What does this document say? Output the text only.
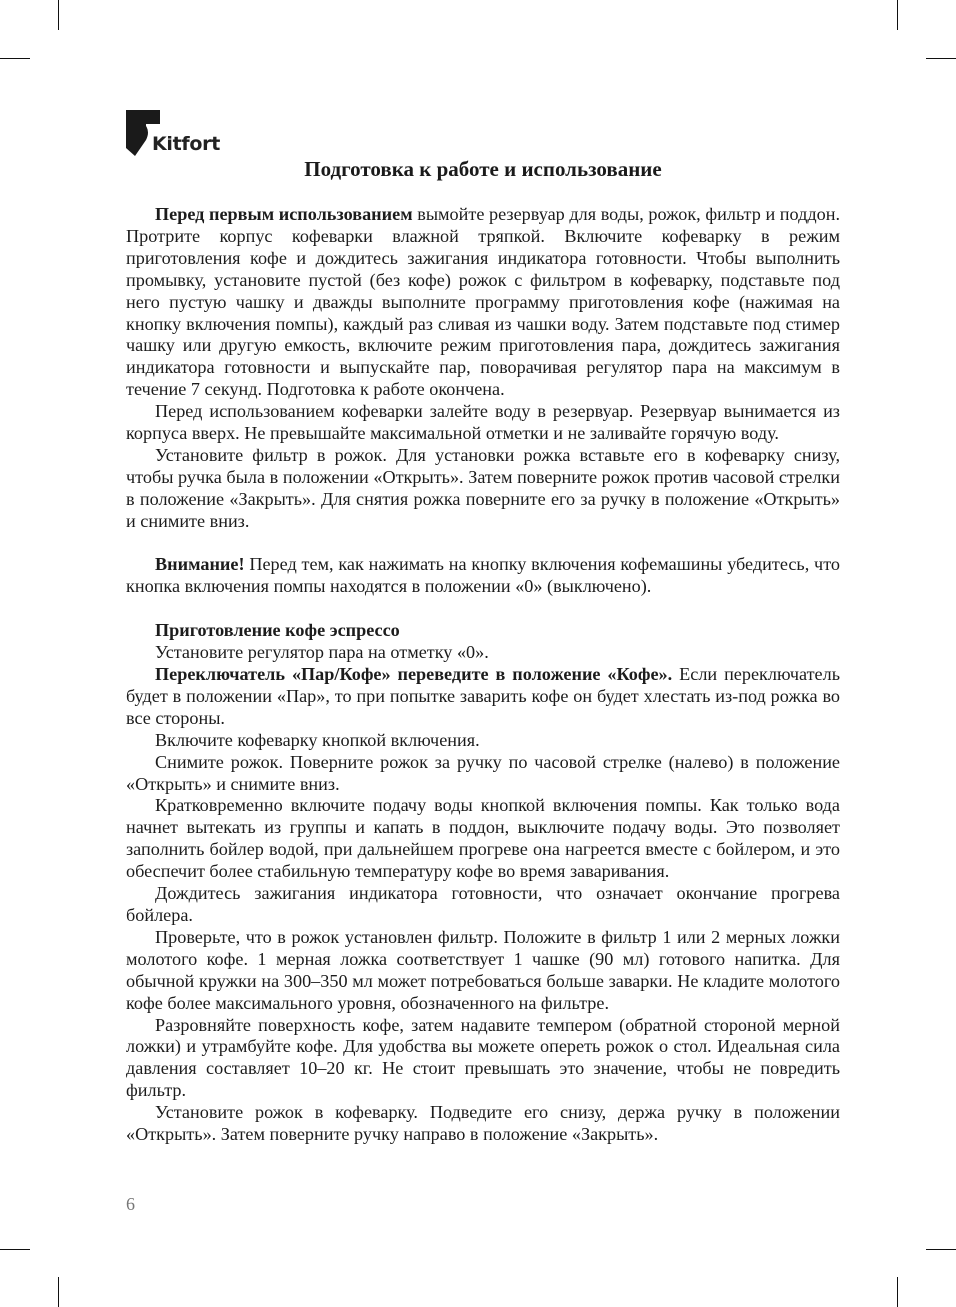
Kitfort
Подготовка к работе и использование

Перед первым использованием вымойте резервуар для воды, рожок, фильтр и поддон. Протрите корпус кофеварки влажной тряпкой. Включите кофеварку в режим приготовления кофе и дождитесь зажигания индикатора готовности. Чтобы выполнить промывку, установите пустой (без кофе) рожок с фильтром в кофеварку, подставьте под него пустую чашку и дважды выполните программу приготовления кофе (нажимая на кнопку включения помпы), каждый раз сливая из чашки воду. Затем подставьте под стимер чашку или другую емкость, включите режим приготовления пара, дождитесь зажигания индикатора готовности и выпускайте пар, поворачивая регулятор пара на максимум в течение 7 секунд. Подготовка к работе окончена.

Перед использованием кофеварки залейте воду в резервуар. Резервуар вынимается из корпуса вверх. Не превышайте максимальной отметки и не заливайте горячую воду.

Установите фильтр в рожок. Для установки рожка вставьте его в кофеварку снизу, чтобы ручка была в положении «Открыть». Затем поверните рожок против часовой стрелки в положение «Закрыть». Для снятия рожка поверните его за ручку в положение «Открыть» и снимите вниз.

Внимание! Перед тем, как нажимать на кнопку включения кофемашины убедитесь, что кнопка включения помпы находятся в положении «0» (выключено).

Приготовление кофе эспрессо

Установите регулятор пара на отметку «0».

Переключатель «Пар/Кофе» переведите в положение «Кофе». Если переключатель будет в положении «Пар», то при попытке заварить кофе он будет хлестать из-под рожка во все стороны.

Включите кофеварку кнопкой включения.

Снимите рожок. Поверните рожок за ручку по часовой стрелке (налево) в положение «Открыть» и снимите вниз.

Кратковременно включите подачу воды кнопкой включения помпы. Как только вода начнет вытекать из группы и капать в поддон, выключите подачу воды. Это позволяет заполнить бойлер водой, при дальнейшем прогреве она нагреется вместе с бойлером, и это обеспечит более стабильную температуру кофе во время заваривания.

Дождитесь зажигания индикатора готовности, что означает окончание прогрева бойлера.

Проверьте, что в рожок установлен фильтр. Положите в фильтр 1 или 2 мерных ложки молотого кофе. 1 мерная ложка соответствует 1 чашке (90 мл) готового напитка. Для обычной кружки на 300–350 мл может потребоваться больше заварки. Не кладите молотого кофе более максимального уровня, обозначенного на фильтре.

Разровняйте поверхность кофе, затем надавите темпером (обратной стороной мерной ложки) и утрамбуйте кофе. Для удобства вы можете опереть рожок о стол. Идеальная сила давления составляет 10–20 кг. Не стоит превышать это значение, чтобы не повредить фильтр.

Установите рожок в кофеварку. Подведите его снизу, держа ручку в положении «Открыть». Затем поверните ручку направо в положение «Закрыть».

6
